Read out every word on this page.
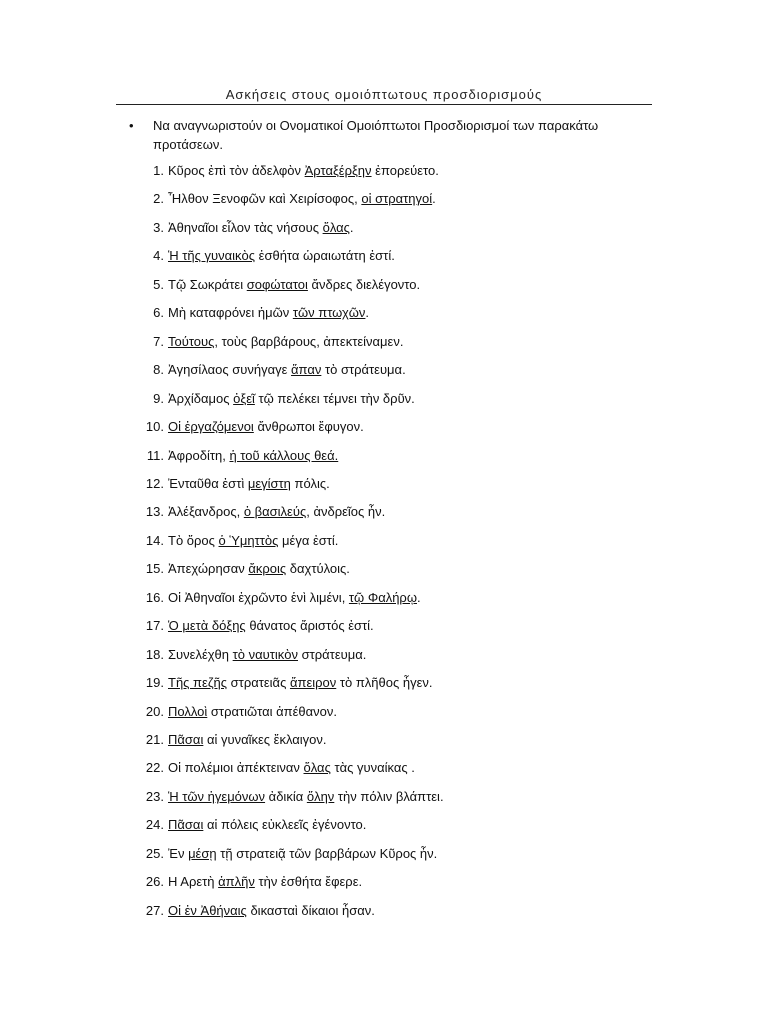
Ασκήσεις στους ομοιόπτωτους προσδιορισμούς
• Να αναγνωριστούν οι Ονοματικοί Ομοιόπτωτοι Προσδιορισμοί των παρακάτω προτάσεων.
1. Κῦρος ἐπὶ τὸν ἀδελφὸν Ἀρταξέρξην ἐπορεύετο.
2. Ἦλθον Ξενοφῶν καὶ Χειρίσοφος, οἱ στρατηγοί.
3. Ἀθηναῖοι εἷλον τὰς νήσους ὅλας.
4. Ἡ τῆς γυναικὸς ἐσθήτα ὡραιωτάτη ἐστί.
5. Τῷ Σωκράτει σοφώτατοι ἄνδρες διελέγοντο.
6. Μὴ καταφρόνει ἡμῶν τῶν πτωχῶν.
7. Τούτους, τοὺς βαρβάρους, ἀπεκτείναμεν.
8. Ἀγησίλαος συνήγαγε ἅπαν τὸ στράτευμα.
9. Ἀρχίδαμος ὀξεῖ τῷ πελέκει τέμνει τὴν δρῦν.
10. Οἱ ἐργαζόμενοι ἄνθρωποι ἔφυγον.
11. Ἀφροδίτη, ἡ τοῦ κάλλους θεά.
12. Ἐνταῦθα ἐστὶ μεγίστη πόλις.
13. Ἀλέξανδρος, ὁ βασιλεύς, ἀνδρεῖος ἦν.
14. Τὸ ὄρος ὁ Ὑμηττὸς μέγα ἐστί.
15. Ἀπεχώρησαν ἄκροις δαχτύλοις.
16. Οἱ Ἀθηναῖοι ἐχρῶντο ἑνὶ λιμένι, τῷ Φαλήρῳ.
17. Ὁ μετὰ δόξης θάνατος ἄριστός ἐστί.
18. Συνελέχθη τὸ ναυτικὸν στράτευμα.
19. Τῆς πεζῆς στρατειᾶς ἄπειρον τὸ πλῆθος ἦγεν.
20. Πολλοὶ στρατιῶται ἀπέθανον.
21. Πᾶσαι αἱ γυναῖκες ἔκλαιγον.
22. Οἱ πολέμιοι ἀπέκτειναν ὅλας τὰς γυναίκας .
23. Ἡ τῶν ἡγεμόνων ἀδικία ὅλην τὴν πόλιν βλάπτει.
24. Πᾶσαι αἱ πόλεις εὐκλεεῖς ἐγένοντο.
25. Ἐν μέσῃ τῇ στρατειᾷ τῶν βαρβάρων Κῦρος ἦν.
26. Η Αρετὴ ἁπλῆν τὴν ἐσθήτα ἔφερε.
27. Οἱ ἐν Ἀθήναις δικασταὶ δίκαιοι ἦσαν.
